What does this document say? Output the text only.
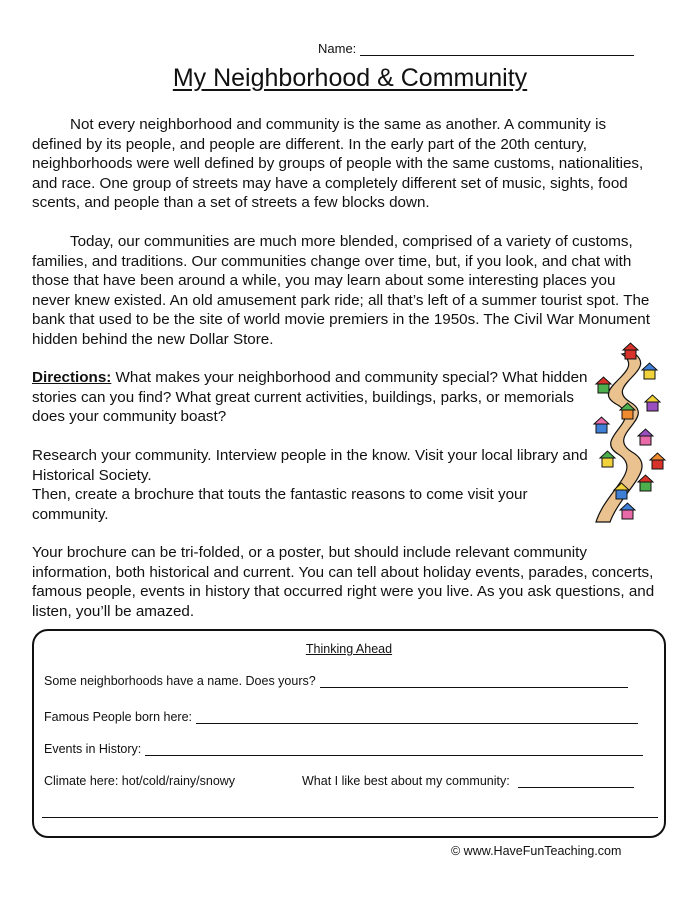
Name:
My Neighborhood & Community

Not every neighborhood and community is the same as another. A community is defined by its people, and people are different. In the early part of the 20th century, neighborhoods were well defined by groups of people with the same customs, nationalities, and race. One group of streets may have a completely different set of music, sights, food scents, and people than a set of streets a few blocks down.

Today, our communities are much more blended, comprised of a variety of customs, families, and traditions. Our communities change over time, but, if you look, and chat with those that have been around a while, you may learn about some interesting places you never knew existed. An old amusement park ride; all that’s left of a summer tourist spot. The bank that used to be the site of world movie premiers in the 1950s. The Civil War Monument hidden behind the new Dollar Store.

Directions: What makes your neighborhood and community special? What hidden stories can you find? What great current activities, buildings, parks, or memorials does your community boast?

Research your community. Interview people in the know. Visit your local library and Historical Society.
Then, create a brochure that touts the fantastic reasons to come visit your community.

Your brochure can be tri-folded, or a poster, but should include relevant community information, both historical and current. You can tell about holiday events, parades, concerts, famous people, events in history that occurred right were you live. As you ask questions, and listen, you’ll be amazed.

Thinking Ahead
Some neighborhoods have a name. Does yours?
Famous People born here:
Events in History:
Climate here: hot/cold/rainy/snowy	What I like best about my community:
© www.HaveFunTeaching.com
